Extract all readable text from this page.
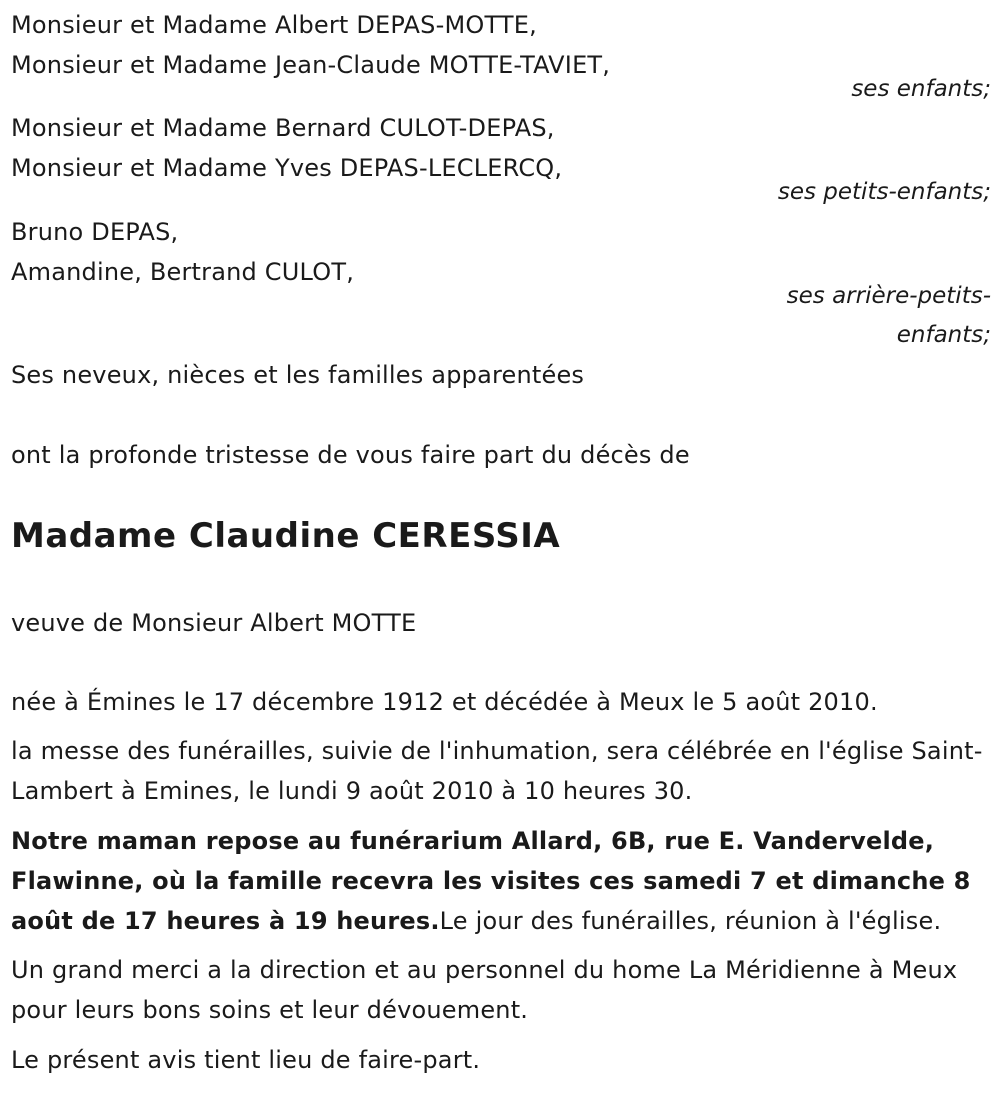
Monsieur et Madame Albert DEPAS-MOTTE,
Monsieur et Madame Jean-Claude MOTTE-TAVIET,
ses enfants;
Monsieur et Madame Bernard CULOT-DEPAS,
Monsieur et Madame Yves DEPAS-LECLERCQ,
ses petits-enfants;
Bruno DEPAS,
Amandine, Bertrand CULOT,
ses arrière-petits-
enfants;
Ses neveux, nièces et les familles apparentées
ont la profonde tristesse de vous faire part du décès de
Madame Claudine CERESSIA
veuve de Monsieur Albert MOTTE
née à Émines le 17 décembre 1912 et décédée à Meux le 5 août 2010.
la messe des funérailles, suivie de l'inhumation, sera célébrée en l'église Saint-Lambert à Emines, le lundi 9 août 2010 à 10 heures 30.
Notre maman repose au funérarium Allard, 6B, rue E. Vandervelde, Flawinne, où la famille recevra les visites ces samedi 7 et dimanche 8 août de 17 heures à 19 heures.Le jour des funérailles, réunion à l'église.
Un grand merci a la direction et au personnel du home La Méridienne à Meux pour leurs bons soins et leur dévouement.
Le présent avis tient lieu de faire-part.
